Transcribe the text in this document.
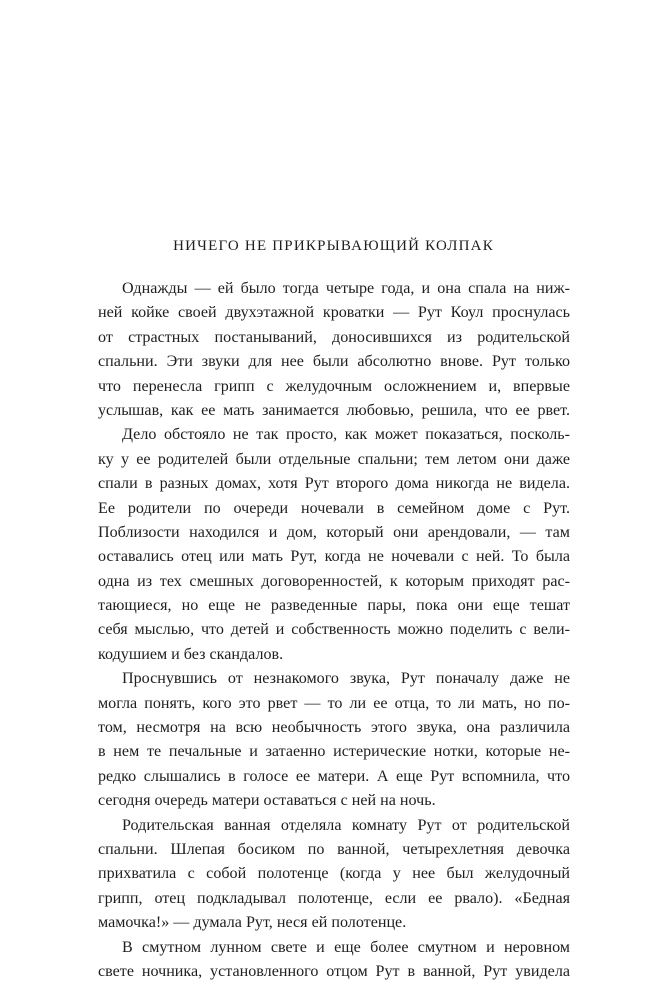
НИЧЕГО НЕ ПРИКРЫВАЮЩИЙ КОЛПАК
Однажды — ей было тогда четыре года, и она спала на ниж-
ней койке своей двухэтажной кроватки — Рут Коул проснулась
от страстных постанываний, доносившихся из родительской
спальни. Эти звуки для нее были абсолютно внове. Рут только
что перенесла грипп с желудочным осложнением и, впервые
услышав, как ее мать занимается любовью, решила, что ее рвет.
Дело обстояло не так просто, как может показаться, посколь-
ку у ее родителей были отдельные спальни; тем летом они даже
спали в разных домах, хотя Рут второго дома никогда не видела.
Ее родители по очереди ночевали в семейном доме с Рут.
Поблизости находился и дом, который они арендовали, — там
оставались отец или мать Рут, когда не ночевали с ней. То была
одна из тех смешных договоренностей, к которым приходят рас-
тающиеся, но еще не разведенные пары, пока они еще тешат
себя мыслью, что детей и собственность можно поделить с вели-
кодушием и без скандалов.
Проснувшись от незнакомого звука, Рут поначалу даже не
могла понять, кого это рвет — то ли ее отца, то ли мать, но по-
том, несмотря на всю необычность этого звука, она различила
в нем те печальные и затаенно истерические нотки, которые не-
редко слышались в голосе ее матери. А еще Рут вспомнила, что
сегодня очередь матери оставаться с ней на ночь.
Родительская ванная отделяла комнату Рут от родительской
спальни. Шлепая босиком по ванной, четырехлетняя девочка
прихватила с собой полотенце (когда у нее был желудочный
грипп, отец подкладывал полотенце, если ее рвало). «Бедная
мамочка!» — думала Рут, неся ей полотенце.
В смутном лунном свете и еще более смутном и неровном
свете ночника, установленного отцом Рут в ванной, Рут увидела
